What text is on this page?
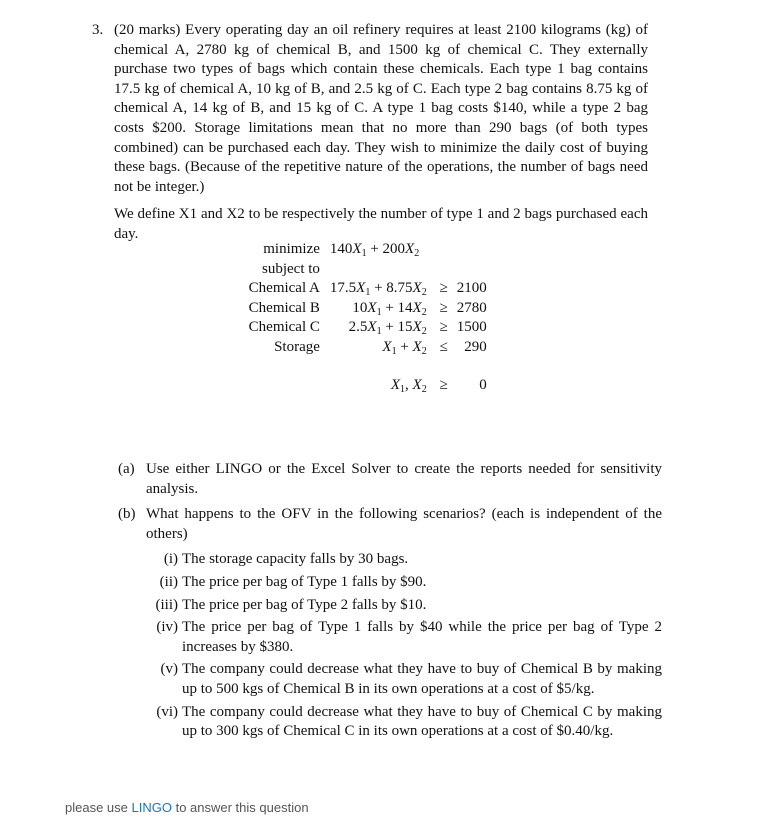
3. (20 marks) Every operating day an oil refinery requires at least 2100 kilograms (kg) of chemical A, 2780 kg of chemical B, and 1500 kg of chemical C. They externally purchase two types of bags which contain these chemicals. Each type 1 bag contains 17.5 kg of chemical A, 10 kg of B, and 2.5 kg of C. Each type 2 bag contains 8.75 kg of chemical A, 14 kg of B, and 15 kg of C. A type 1 bag costs $140, while a type 2 bag costs $200. Storage limitations mean that no more than 290 bags (of both types combined) can be purchased each day. They wish to minimize the daily cost of buying these bags. (Because of the repetitive nature of the operations, the number of bags need not be integer.)

We define X1 and X2 to be respectively the number of type 1 and 2 bags purchased each day.

minimize	$140X_1 + 200X_2$
subject to			
Chemical A	$17.5X_1 + 8.75X_2$	≥	2100
Chemical B	$10X_1 + 14X_2$	≥	2780
Chemical C	$2.5X_1 + 15X_2$	≥	1500
Storage	$X_1 + X_2$	≤	290

	$X_1$, $X_2$	≥	0
(a) Use either LINGO or the Excel Solver to create the reports needed for sensitivity analysis.
(b) What happens to the OFV in the following scenarios? (each is independent of the others)
(i) The storage capacity falls by 30 bags.
(ii) The price per bag of Type 1 falls by $90.
(iii) The price per bag of Type 2 falls by $10.
(iv) The price per bag of Type 1 falls by $40 while the price per bag of Type 2 increases by $380.
(v) The company could decrease what they have to buy of Chemical B by making up to 500 kgs of Chemical B in its own operations at a cost of $5/kg.
(vi) The company could decrease what they have to buy of Chemical C by making up to 300 kgs of Chemical C in its own operations at a cost of $0.40/kg.
please use LINGO to answer this question
